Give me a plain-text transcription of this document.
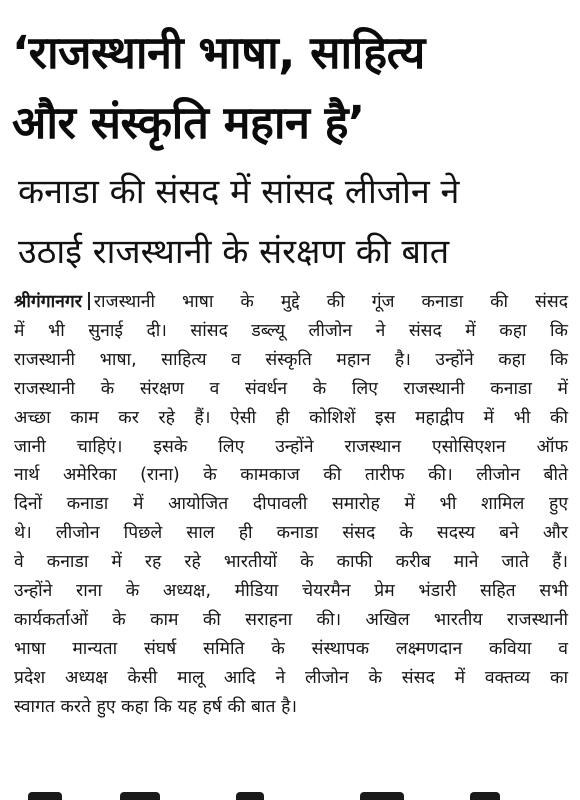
‘राजस्थानी भाषा, साहित्य
और संस्कृति महान है’
कनाडा की संसद में सांसद लीजोन ने
उठाई राजस्थानी के संरक्षण की बात
श्रीगंगानगर राजस्थानी भाषा के मुद्दे की गूंज कनाडा की संसद
में भी सुनाई दी। सांसद डब्ल्यू लीजोन ने संसद में कहा कि
राजस्थानी भाषा, साहित्य व संस्कृति महान है। उन्होंने कहा कि
राजस्थानी के संरक्षण व संवर्धन के लिए राजस्थानी कनाडा में
अच्छा काम कर रहे हैं। ऐसी ही कोशिशें इस महाद्वीप में भी की
जानी चाहिएं। इसके लिए उन्होंने राजस्थान एसोसिएशन ऑफ
नार्थ अमेरिका (राना) के कामकाज की तारीफ की। लीजोन बीते
दिनों कनाडा में आयोजित दीपावली समारोह में भी शामिल हुए
थे। लीजोन पिछले साल ही कनाडा संसद के सदस्य बने और
वे कनाडा में रह रहे भारतीयों के काफी करीब माने जाते हैं।
उन्होंने राना के अध्यक्ष, मीडिया चेयरमैन प्रेम भंडारी सहित सभी
कार्यकर्ताओं के काम की सराहना की। अखिल भारतीय राजस्थानी
भाषा मान्यता संघर्ष समिति के संस्थापक लक्ष्मणदान कविया व
प्रदेश अध्यक्ष केसी मालू आदि ने लीजोन के संसद में वक्तव्य का
स्वागत करते हुए कहा कि यह हर्ष की बात है।
